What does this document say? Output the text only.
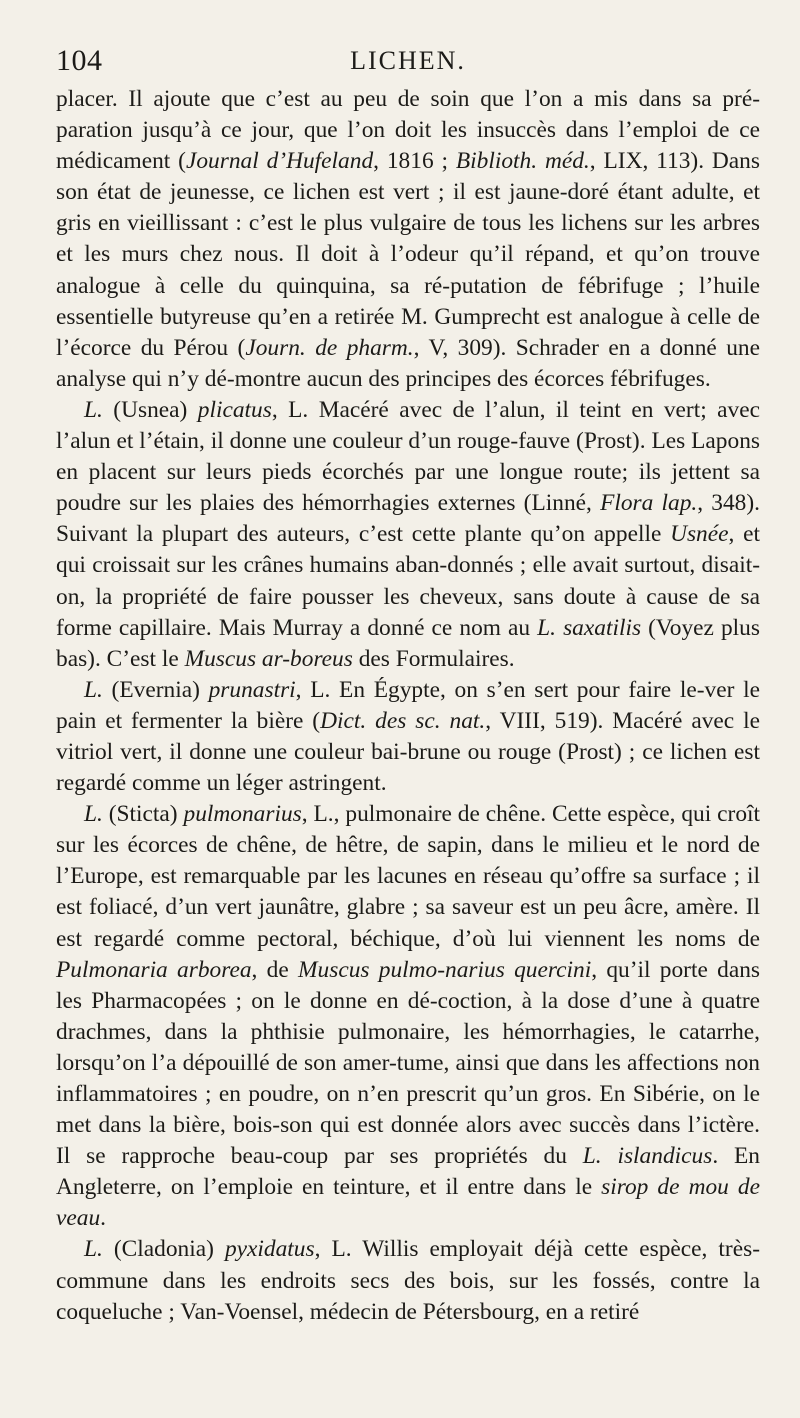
104	LICHEN.

placer. Il ajoute que c’est au peu de soin que l’on a mis dans sa pré-paration jusqu’à ce jour, que l’on doit les insuccès dans l’emploi de ce médicament (Journal d’Hufeland, 1816 ; Biblioth. méd., LIX, 113). Dans son état de jeunesse, ce lichen est vert ; il est jaune-doré étant adulte, et gris en vieillissant : c’est le plus vulgaire de tous les lichens sur les arbres et les murs chez nous. Il doit à l’odeur qu’il répand, et qu’on trouve analogue à celle du quinquina, sa ré-putation de fébrifuge ; l’huile essentielle butyreuse qu’en a retirée M. Gumprecht est analogue à celle de l’écorce du Pérou (Journ. de pharm., V, 309). Schrader en a donné une analyse qui n’y dé-montre aucun des principes des écorces fébrifuges.

L. (Usnea) plicatus, L. Macéré avec de l’alun, il teint en vert; avec l’alun et l’étain, il donne une couleur d’un rouge-fauve (Prost). Les Lapons en placent sur leurs pieds écorchés par une longue route; ils jettent sa poudre sur les plaies des hémorrhagies externes (Linné, Flora lap., 348). Suivant la plupart des auteurs, c’est cette plante qu’on appelle Usnée, et qui croissait sur les crânes humains aban-donnés ; elle avait surtout, disait-on, la propriété de faire pousser les cheveux, sans doute à cause de sa forme capillaire. Mais Murray a donné ce nom au L. saxatilis (Voyez plus bas). C’est le Muscus ar-boreus des Formulaires.

L. (Evernia) prunastri, L. En Égypte, on s’en sert pour faire le-ver le pain et fermenter la bière (Dict. des sc. nat., VIII, 519). Macéré avec le vitriol vert, il donne une couleur bai-brune ou rouge (Prost) ; ce lichen est regardé comme un léger astringent.

L. (Sticta) pulmonarius, L., pulmonaire de chêne. Cette espèce, qui croît sur les écorces de chêne, de hêtre, de sapin, dans le milieu et le nord de l’Europe, est remarquable par les lacunes en réseau qu’offre sa surface ; il est foliacé, d’un vert jaunâtre, glabre ; sa saveur est un peu âcre, amère. Il est regardé comme pectoral, béchique, d’où lui viennent les noms de Pulmonaria arborea, de Muscus pulmo-narius quercini, qu’il porte dans les Pharmacopées ; on le donne en dé-coction, à la dose d’une à quatre drachmes, dans la phthisie pulmonaire, les hémorrhagies, le catarrhe, lorsqu’on l’a dépouillé de son amer-tume, ainsi que dans les affections non inflammatoires ; en poudre, on n’en prescrit qu’un gros. En Sibérie, on le met dans la bière, bois-son qui est donnée alors avec succès dans l’ictère. Il se rapproche beau-coup par ses propriétés du L. islandicus. En Angleterre, on l’emploie en teinture, et il entre dans le sirop de mou de veau.

L. (Cladonia) pyxidatus, L. Willis employait déjà cette espèce, très-commune dans les endroits secs des bois, sur les fossés, contre la coqueluche ; Van-Voensel, médecin de Pétersbourg, en a retiré
